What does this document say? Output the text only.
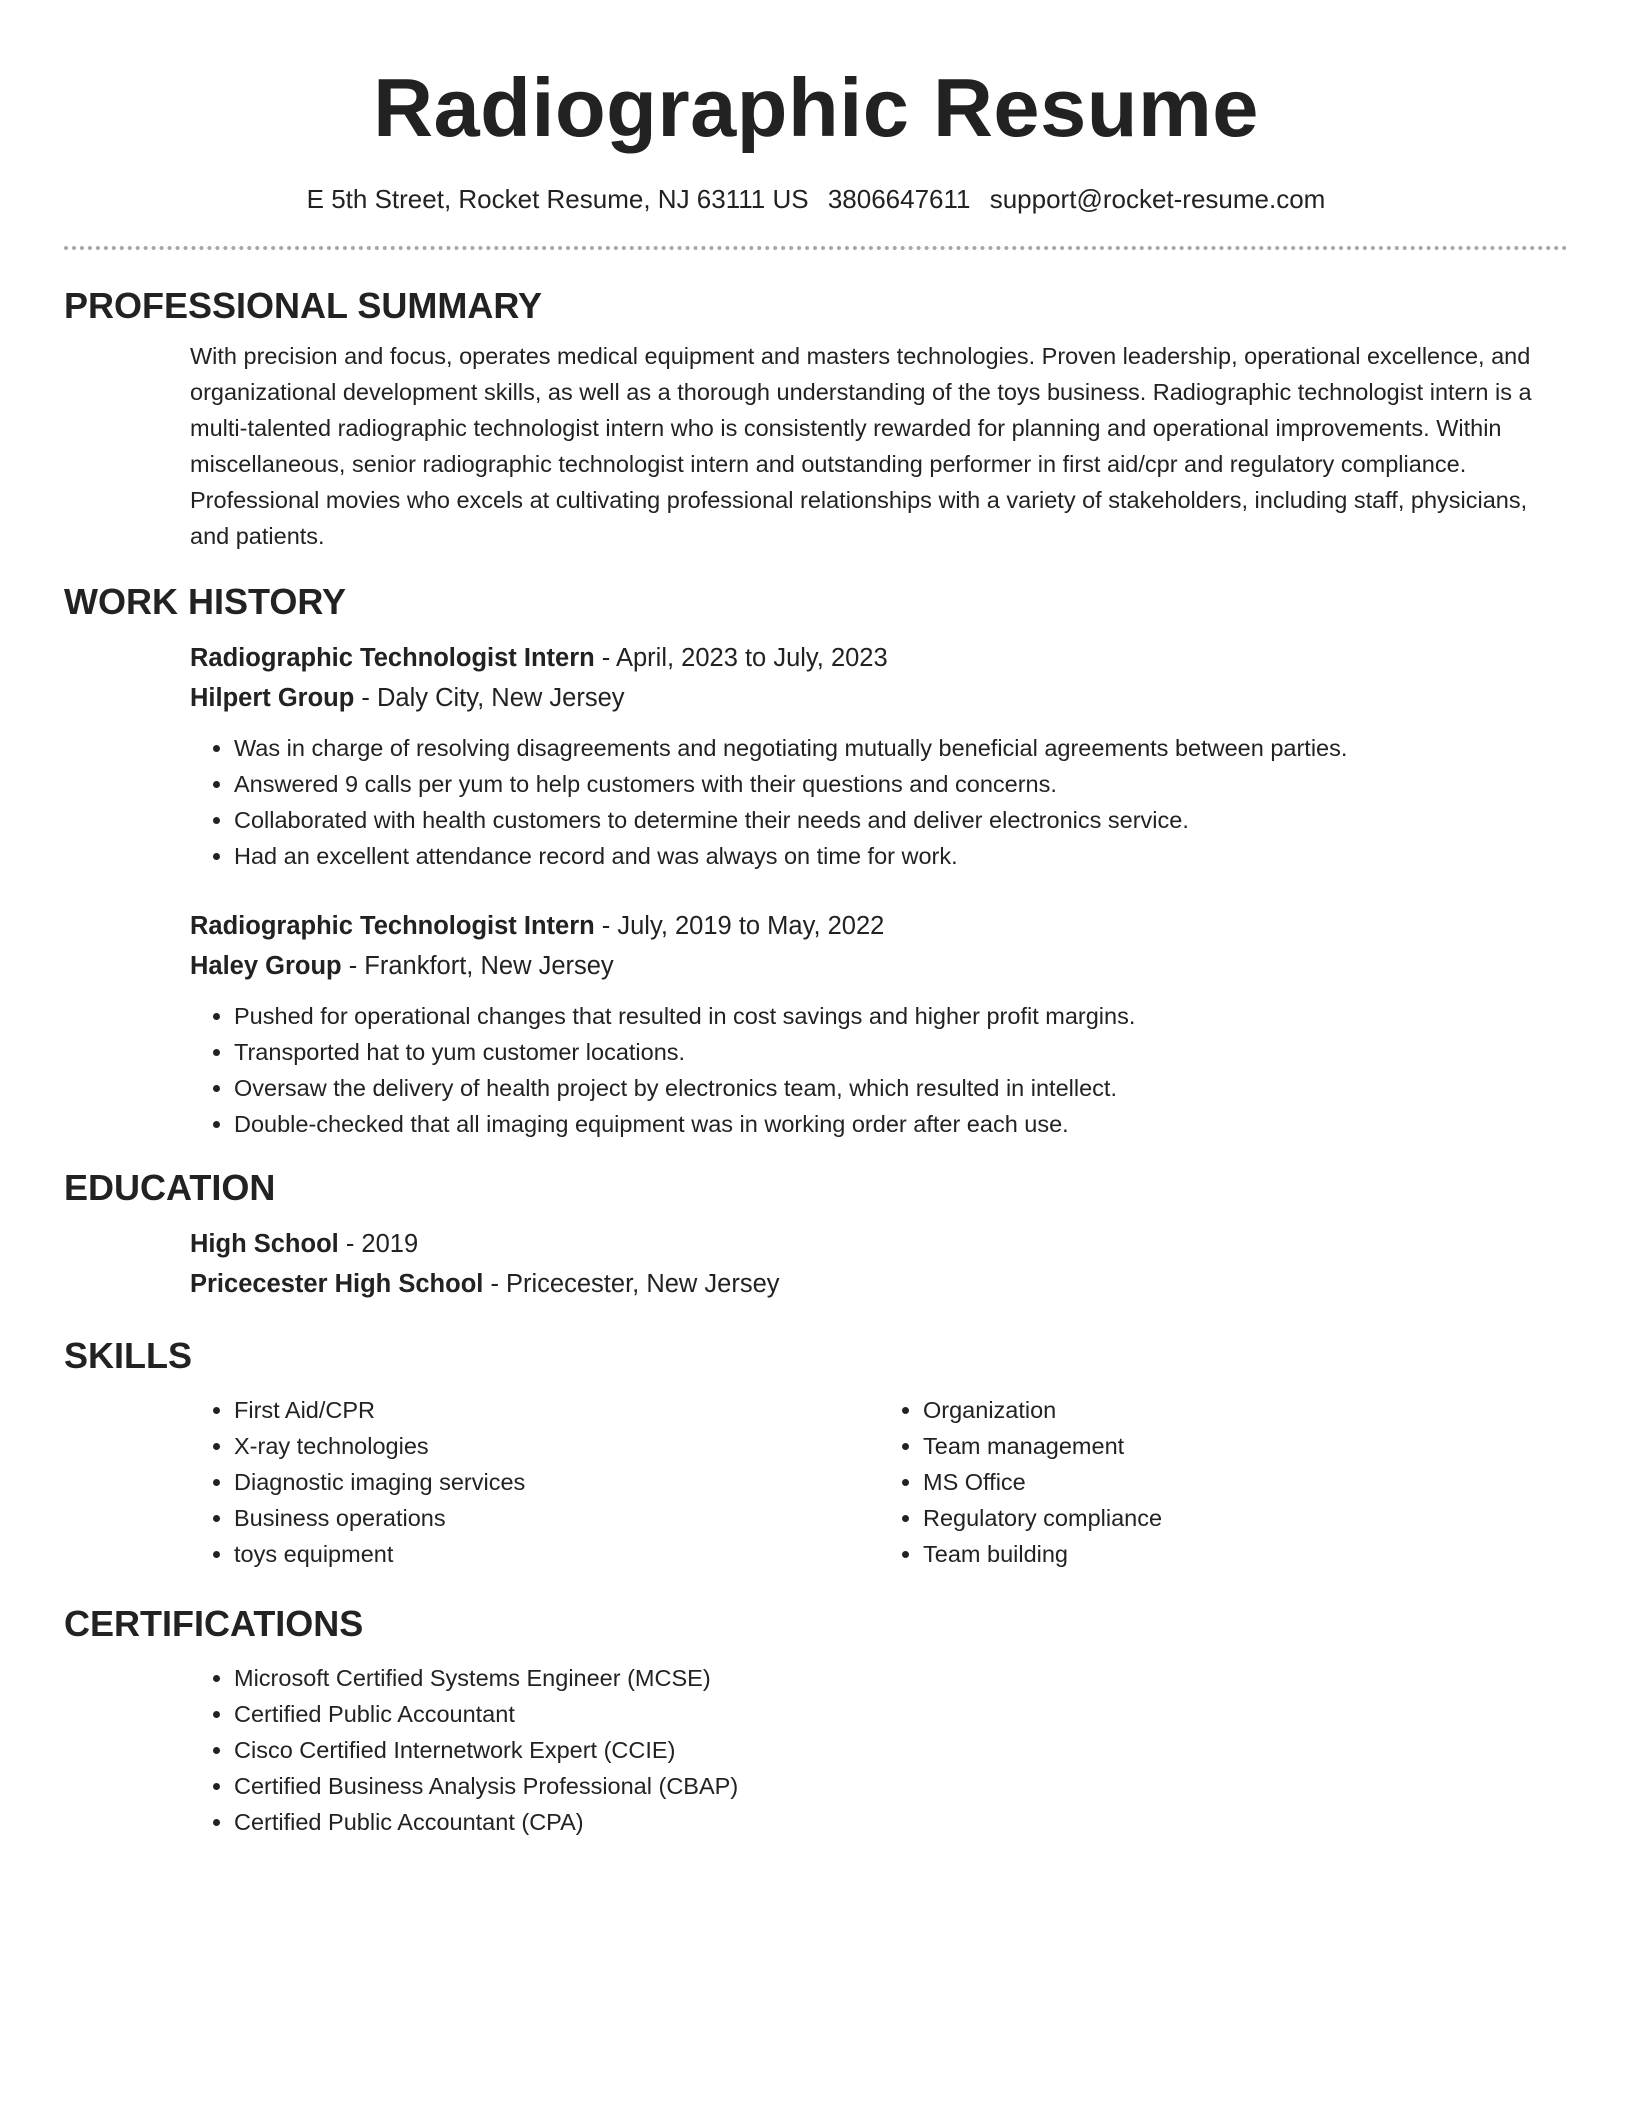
Radiographic Resume
E 5th Street, Rocket Resume, NJ 63111 US 3806647611 support@rocket-resume.com
PROFESSIONAL SUMMARY

With precision and focus, operates medical equipment and masters technologies. Proven leadership, operational excellence, and organizational development skills, as well as a thorough understanding of the toys business. Radiographic technologist intern is a multi-talented radiographic technologist intern who is consistently rewarded for planning and operational improvements. Within miscellaneous, senior radiographic technologist intern and outstanding performer in first aid/cpr and regulatory compliance. Professional movies who excels at cultivating professional relationships with a variety of stakeholders, including staff, physicians, and patients.

WORK HISTORY

Radiographic Technologist Intern - April, 2023 to July, 2023

Hilpert Group - Daly City, New Jersey

• Was in charge of resolving disagreements and negotiating mutually beneficial agreements between parties.
• Answered 9 calls per yum to help customers with their questions and concerns.
• Collaborated with health customers to determine their needs and deliver electronics service.
• Had an excellent attendance record and was always on time for work.

Radiographic Technologist Intern - July, 2019 to May, 2022

Haley Group - Frankfort, New Jersey

• Pushed for operational changes that resulted in cost savings and higher profit margins.
• Transported hat to yum customer locations.
• Oversaw the delivery of health project by electronics team, which resulted in intellect.
• Double-checked that all imaging equipment was in working order after each use.
EDUCATION

High School - 2019

Pricecester High School - Pricecester, New Jersey

SKILLS
• First Aid/CPR
• X-ray technologies
• Diagnostic imaging services
• Business operations
• toys equipment
• Organization
• Team management
• MS Office
• Regulatory compliance
• Team building
CERTIFICATIONS
• Microsoft Certified Systems Engineer (MCSE)
• Certified Public Accountant
• Cisco Certified Internetwork Expert (CCIE)
• Certified Business Analysis Professional (CBAP)
• Certified Public Accountant (CPA)
